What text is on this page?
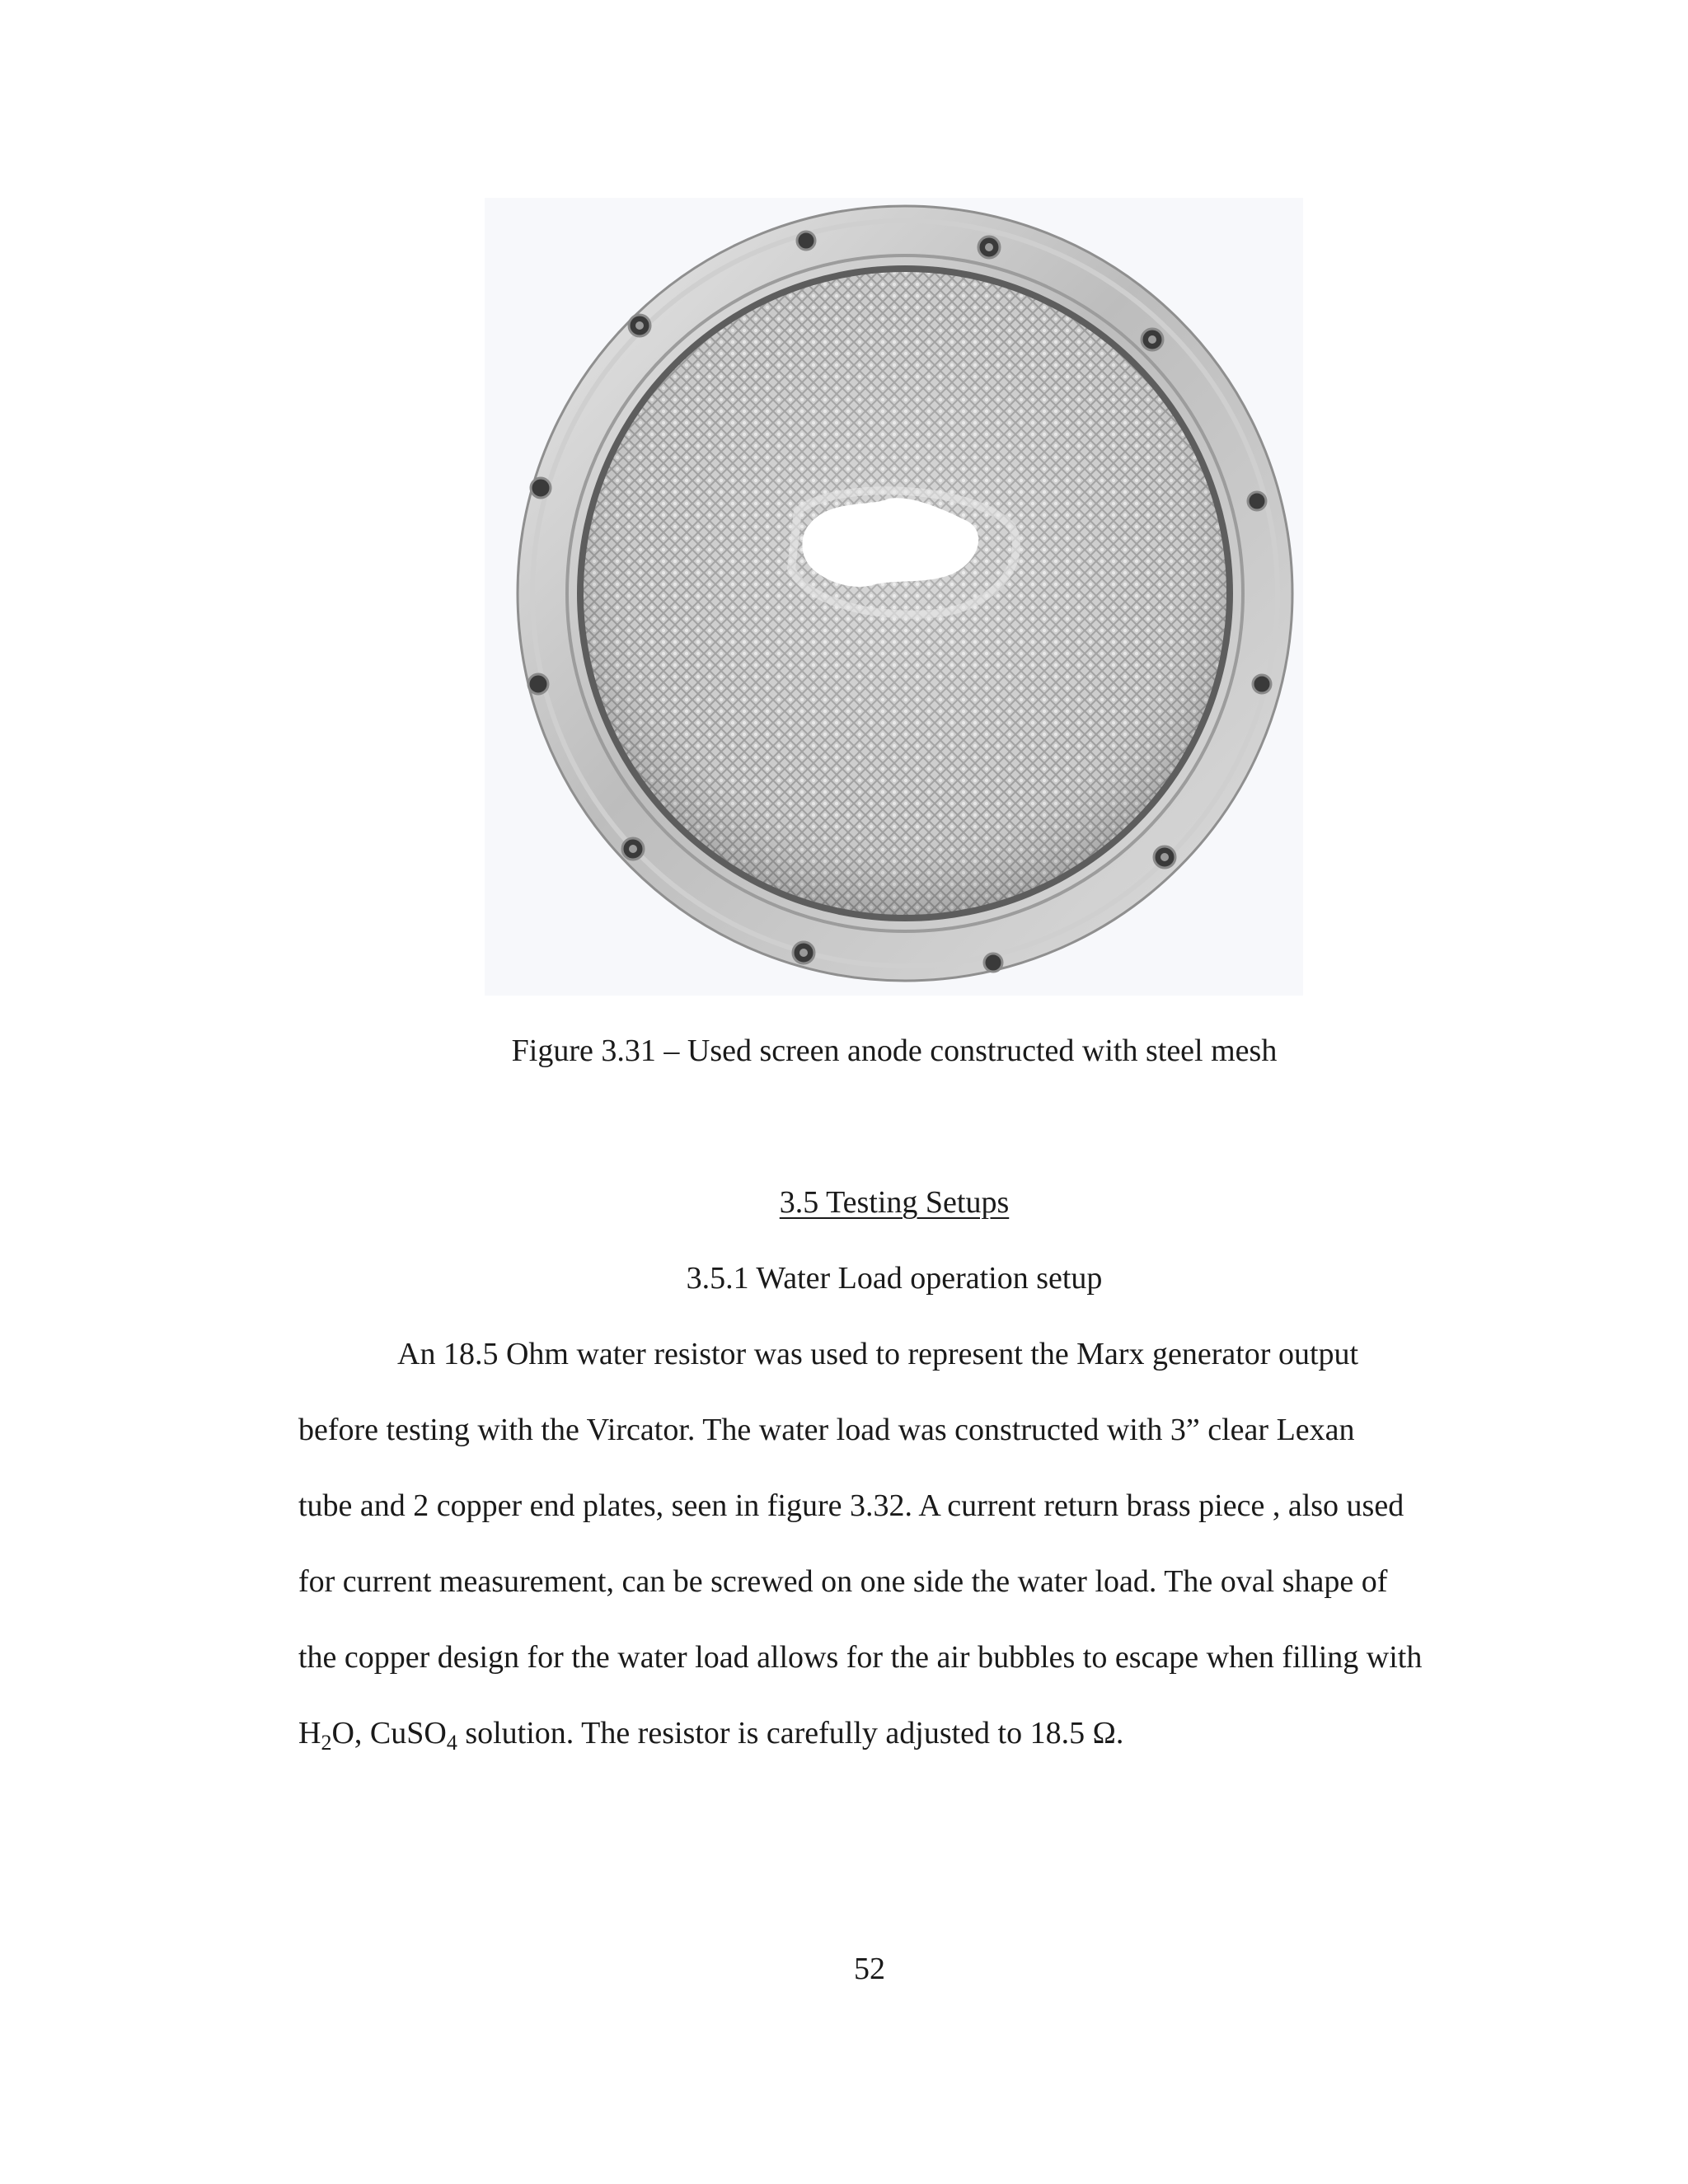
Figure 3.31 – Used screen anode constructed with steel mesh
3.5 Testing Setups
3.5.1 Water Load operation setup
An 18.5 Ohm water resistor was used to represent the Marx generator output
before testing with the Vircator. The water load was constructed with 3” clear Lexan
tube and 2 copper end plates, seen in figure 3.32. A current return brass piece , also used
for current measurement, can be screwed on one side the water load. The oval shape of
the copper design for the water load allows for the air bubbles to escape when filling with
$H_2O$, CuSO$_4$ solution. The resistor is carefully adjusted to 18.5 Ω.
52
